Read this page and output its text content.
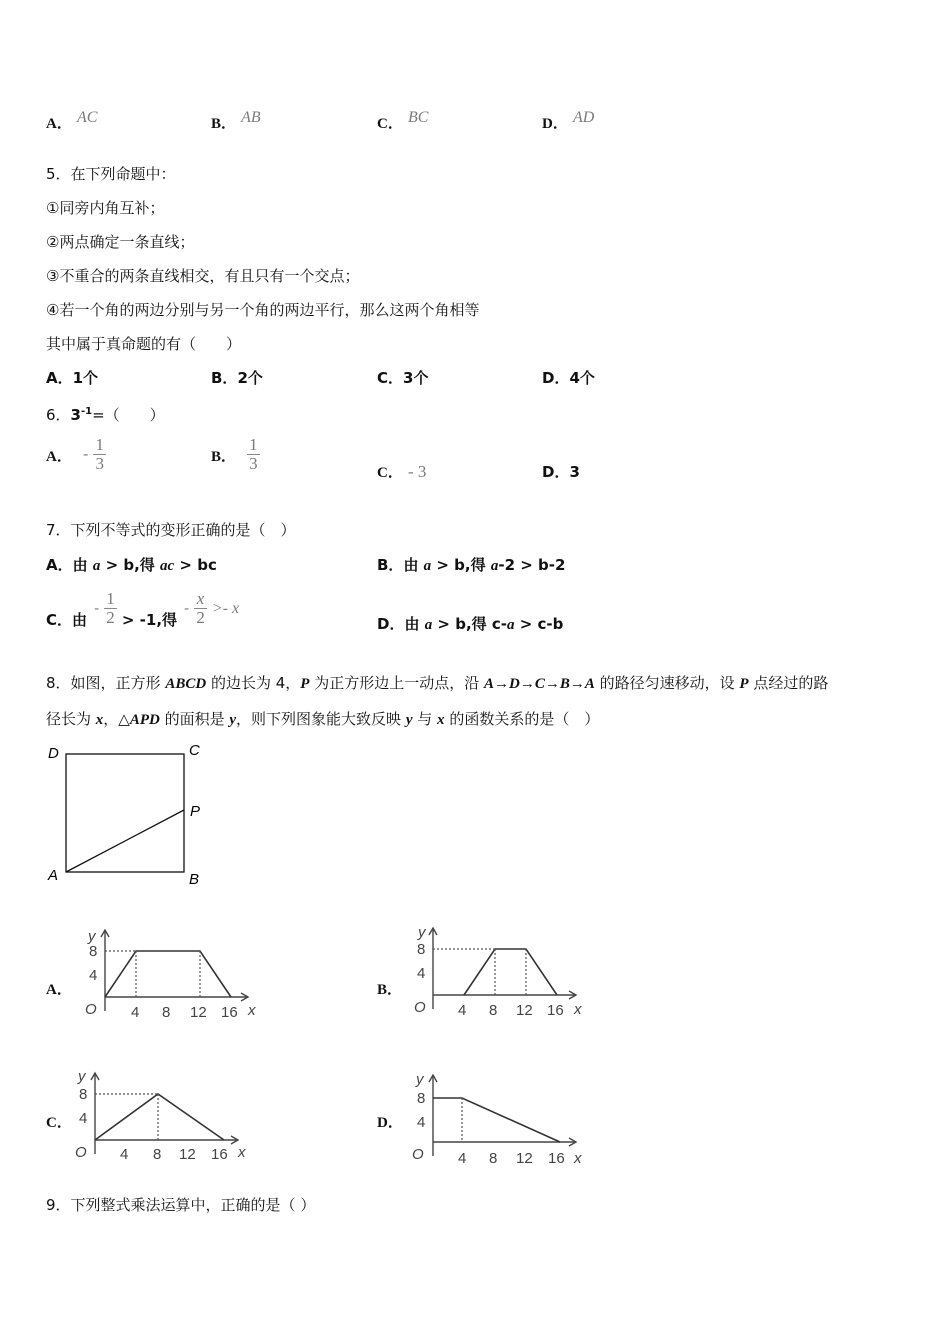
A． AC	B． AB	C． BC	D． AD
5．在下列命题中：
①同旁内角互补；
②两点确定一条直线；
③不重合的两条直线相交，有且只有一个交点；
④若一个角的两边分别与另一个角的两边平行，那么这两个角相等
其中属于真命题的有（　　）
A．1个	B．2个	C．3个	D．4个
6．$3^{-1}=$（　　）
A． - $\frac{1}{3}$	B． $\frac{1}{3}$	C． - 3	D．3
7．下列不等式的变形正确的是（　）
A．由 a > b,得 ac > bc	B．由 a > b,得 a-2 > b-2
C．由 - $\frac{1}{2} > -1$,得 - $\frac{x}{2} >- x$
D．由 a > b,得 c-a > c-b
8．如图，正方形 ABCD 的边长为 4，P 为正方形边上一动点，沿 A→D→C→B→A 的路径匀速移动，设 P 点经过的路
径长为 x，△APD 的面积是 y，则下列图象能大致反映 y 与 x 的函数关系的是（　）
D	C
P
A	B
A．	B．
C．	D．
y
x
O
8
4
4 8 12 16
y
x
O
8
4
4 8 12 16
y
x
O
8
4
4 8 12 16
y
x
O
8
4
4 8 12 16
9．下列整式乘法运算中，正确的是（ ）
